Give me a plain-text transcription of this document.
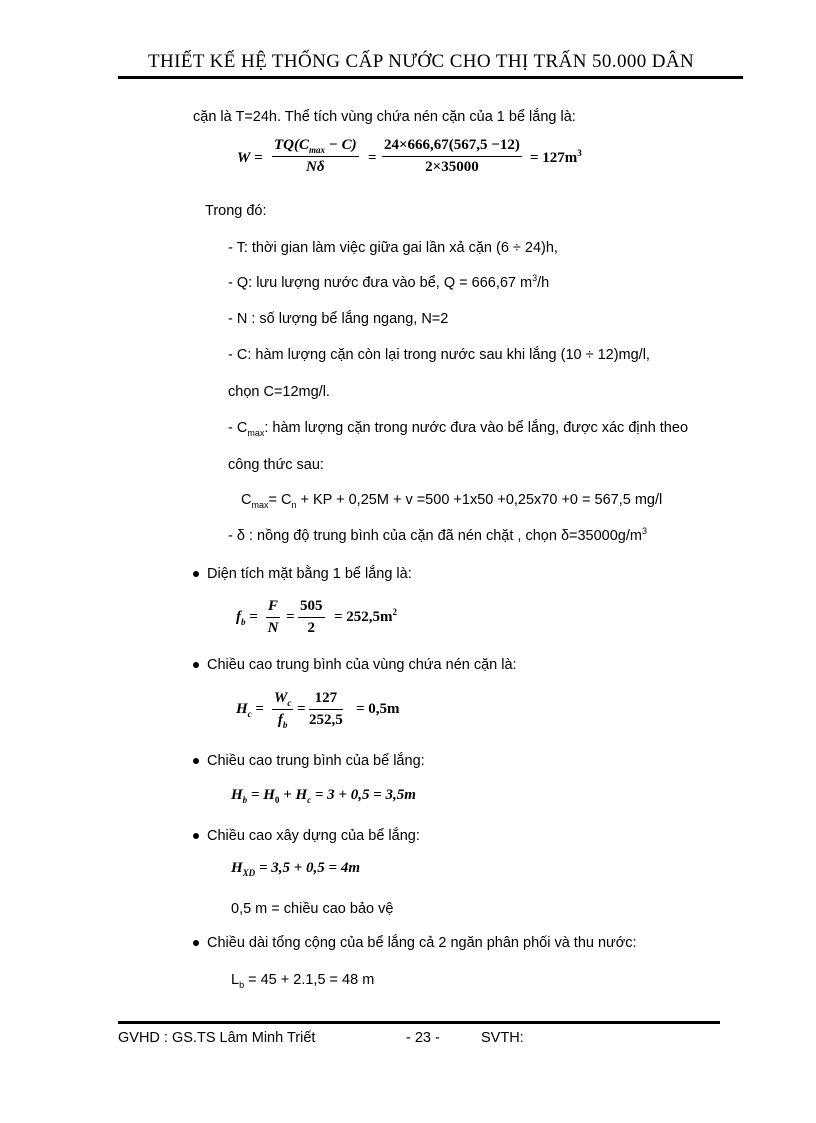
THIẾT KẾ HỆ THỐNG CẤP NƯỚC CHO THỊ TRẤN 50.000 DÂN
cặn là T=24h. Thể tích vùng chứa nén cặn của 1 bể lắng là:
W =
$TQ(C_{max} - C)$
Nδ
= $\frac{24\times 666,67(567,5 -12)}{2\times 35000} = 127m^3$
Trong đó:
- T: thời gian làm việc giữa gai lần xả cặn (6 ÷ 24)h,
- Q: lưu lượng nước đưa vào bể, Q = 666,67 $m^3/h$
- N : số lượng bể lắng ngang, N=2
- C: hàm lượng cặn còn lại trong nước sau khi lắng (10 ÷ 12)mg/l,
chọn C=12mg/l.
- $C_{max}$: hàm lượng cặn trong nước đưa vào bể lắng, được xác định theo
công thức sau:
$C_{max}= C_n$ + KP + 0,25M + v =500 +1x50 +0,25x70 +0 = 567,5 mg/l
- δ : nồng độ trung bình của cặn đã nén chặt , chọn $\delta=35000g/m^3$
Diện tích mặt bằng 1 bể lắng là:
$f_b = \frac{F}{N} = \frac{505}{2} = 252,5m^2$
Chiều cao trung bình của vùng chứa nén cặn là:
$H_c = \frac{W_c}{f_b} = \frac{127}{252,5} = 0,5m$
Chiều cao trung bình của bể lắng:
$H_b = H_0 + H_c = 3 + 0,5 = 3,5m$
Chiều cao xây dựng của bể lắng:
$H_{XD} = 3,5 + 0,5 = 4m$
0,5 m = chiều cao bảo vệ
Chiều dài tổng cộng của bể lắng cả 2 ngăn phân phối và thu nước:
$L_b = 45 + 2.1,5 = 48$ m
GVHD : GS.TS Lâm Minh Triết	- 23 -	SVTH:
